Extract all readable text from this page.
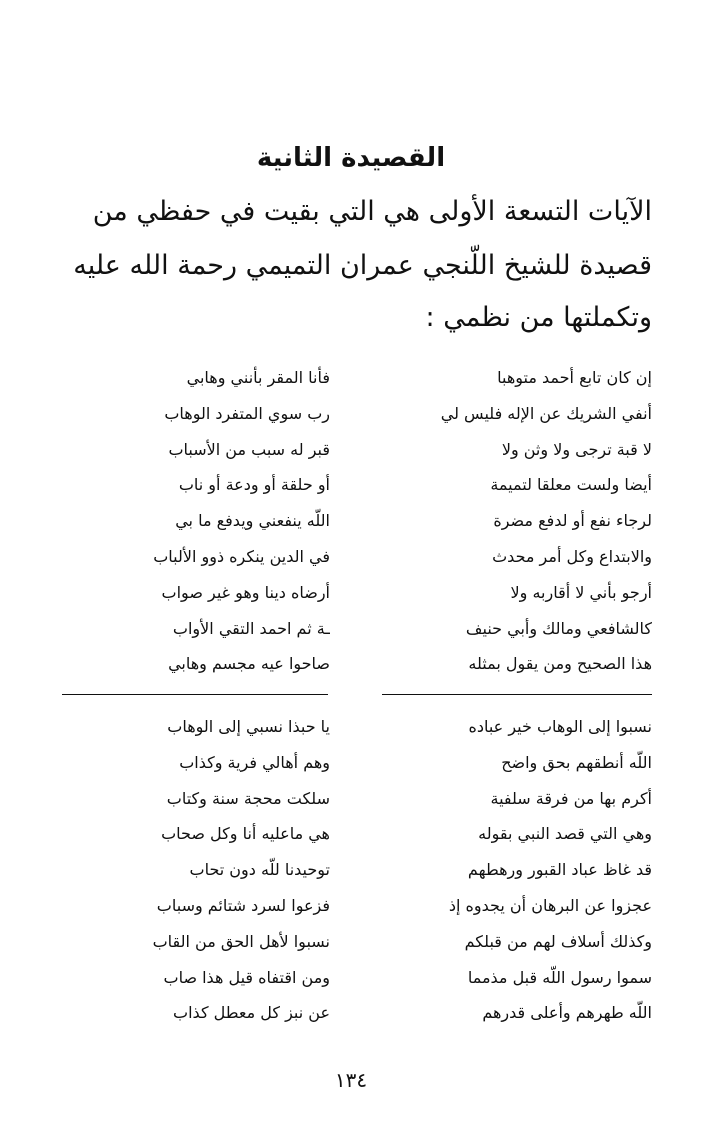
القصيدة الثانية
الآيات التسعة الأولى هي التي بقيت في حفظي من
قصيدة للشيخ اللّنجي عمران التميمي رحمة الله عليه
وتكملتها من نظمي :
إن كان تابع أحمد متوهبا
أنفي الشريك عن الإله فليس لي
لا قبة ترجى ولا وثن ولا
أيضا ولست معلقا لتميمة
لرجاء نفع أو لدفع مضرة
والابتداع وكل أمر محدث
أرجو بأني لا أقاربه ولا
كالشافعي ومالك وأبي حنيف
هذا الصحيح ومن يقول بمثله
فأنا المقر بأنني وهابي
رب سوي المتفرد الوهاب
قبر له سبب من الأسباب
أو حلقة أو ودعة أو ناب
اللّه ينفعني ويدفع ما بي
في الدين ينكره ذوو الألباب
أرضاه دينا وهو غير صواب
ـة ثم احمد التقي الأواب
صاحوا عيه مجسم وهابي
نسبوا إلى الوهاب خير عباده
اللّه أنطقهم بحق واضح
أكرم بها من فرقة سلفية
وهي التي قصد النبي بقوله
قد غاظ عباد القبور ورهطهم
عجزوا عن البرهان أن يجدوه إذ
وكذلك أسلاف لهم من قبلكم
سموا رسول اللّه قبل مذمما
اللّه طهرهم وأعلى قدرهم
يا حبذا نسبي إلى الوهاب
وهم أهالي فرية وكذاب
سلكت محجة سنة وكتاب
هي ماعليه أنا وكل صحاب
توحيدنا للّه دون تحاب
فزعوا لسرد شتائم وسباب
نسبوا لأهل الحق من القاب
ومن اقتفاه قيل هذا صاب
عن نبز كل معطل كذاب
١٣٤
